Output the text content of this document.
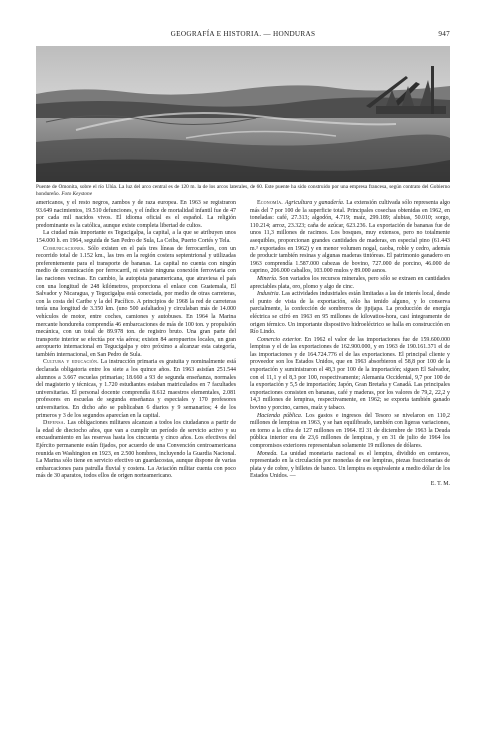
GEOGRAFÍA E HISTORIA. — HONDURAS	947
Puente de Omonita, sobre el río Ulúa. La luz del arco central es de 120 m. la de los arcos laterales, de 60. Este puente ha sido construido por una empresa francesa, según contrato del Gobierno hondureño. Foto Keystone

americanos, y el resto negros, zambos y de raza europea. En 1963 se registraron 93.649 nacimientos, 19.510 defunciones, y el índice de mortalidad infantil fue de 47 por cada mil nacidos vivos. El idioma oficial es el español. La religión predominante es la católica, aunque existe completa libertad de cultos.

La ciudad más importante es Tegucigalpa, la capital, a la que se atribuyen unos 154.000 h. en 1964, seguida de San Pedro de Sula, La Ceiba, Puerto Cortés y Tela.

Comunicaciones. Sólo existen en el país tres líneas de ferrocarriles, con un recorrido total de 1.152 km., las tres en la región costera septentrional y utilizadas preferentemente para el transporte de bananas. La capital no cuenta con ningún medio de comunicación por ferrocarril, ni existe ninguna conexión ferroviaria con las naciones vecinas. En cambio, la autopista panamericana, que atraviesa el país con una longitud de 248 kilómetros, proporciona el enlace con Guatemala, El Salvador y Nicaragua, y Tegucigalpa está conectada, por medio de otras carreteras, con la costa del Caribe y la del Pacífico. A principios de 1968 la red de carreteras tenía una longitud de 3.350 km. (uno 500 asfaltados) y circulaban más de 14.000 vehículos de motor, entre coches, camiones y autobuses. En 1964 la Marina mercante hondureña comprendía 46 embarcaciones de más de 100 ton. y propulsión mecánica, con un total de 89.978 ton. de registro bruto. Una gran parte del transporte interior se efectúa por vía aérea; existen 84 aeropuertos locales, un gran aeropuerto internacional en Tegucigalpa y otro próximo a alcanzar esta categoría, también internacional, en San Pedro de Sula.

Cultura y educación. La instrucción primaria es gratuita y nominalmente está declarada obligatoria entre los siete a los quince años. En 1963 asistían 251.544 alumnos a 3.667 escuelas primarias; 18.660 a 93 de segunda enseñanza, normales del magisterio y técnicas, y 1.720 estudiantes estaban matriculados en 7 facultades universitarias. El personal docente comprendía 8.612 maestros elementales, 2.081 profesores en escuelas de segunda enseñanza y especiales y 170 profesores universitarios. En dicho año se publicaban 6 diarios y 9 semanarios; 4 de los primeros y 3 de los segundos aparecían en la capital.

Defensa. Las obligaciones militares alcanzan a todos los ciudadanos a partir de la edad de dieciocho años, que van a cumplir un período de servicio activo y su encuadramiento en las reservas hasta los cincuenta y cinco años. Los efectivos del Ejército permanente están fijados, por acuerdo de una Convención centroamericana reunida en Washington en 1923, en 2.500 hombres, incluyendo la Guardia Nacional. La Marina sólo tiene en servicio efectivo un guardacostas, aunque dispone de varias embarcaciones para patrulla fluvial y costera. La Aviación militar cuenta con poco más de 30 aparatos, todos ellos de origen norteamericano.

Economía. Agricultura y ganadería. La extensión cultivada sólo representa algo más del 7 por 100 de la superficie total. Principales cosechas obtenidas en 1962, en toneladas: café, 27.313; algodón, 4.719; maíz, 299.189; alubias, 50.010; sorgo, 110.214; arroz, 23.323; caña de azúcar, 623.236. La exportación de bananas fue de unos 11,3 millones de racimos. Los bosques, muy extensos, pero no totalmente asequibles, proporcionan grandes cantidades de maderas, en especial pino (61.443 m.³ exportados en 1962) y en menor volumen nogal, caoba, roble y cedro, además de producir también resinas y algunas maderas tintóreas. El patrimonio ganadero en 1963 comprendía 1.587.000 cabezas de bovino, 727.000 de porcino, 46.000 de caprino, 206.000 caballos, 103.000 mulos y 89.000 asnos.

Minería. Son variados los recursos minerales, pero sólo se extraen en cantidades apreciables plata, oro, plomo y algo de cinc.

Industria. Las actividades industriales están limitadas a las de interés local, desde el punto de vista de la exportación, sólo ha tenido alguno, y lo conserva parcialmente, la confección de sombreros de jipijapa. La producción de energía eléctrica se cifró en 1963 en 95 millones de kilovatios-hora, casi íntegramente de origen térmico. Un importante dispositivo hidroeléctrico se halla en construcción en Río Lindo.

Comercio exterior. En 1962 el valor de las importaciones fue de 159.600.000 lempiras y el de las exportaciones de 162.900.000, y en 1963 de 190.161.371 el de las importaciones y de 164.724.776 el de las exportaciones. El principal cliente y proveedor son los Estados Unidos, que en 1963 absorbieron el 58,8 por 100 de la exportación y suministraron el 48,3 por 100 de la importación; siguen El Salvador, con el 11,1 y el 8,3 por 100, respectivamente; Alemania Occidental, 9,7 por 100 de la exportación y 5,5 de importación; Japón, Gran Bretaña y Canadá. Las principales exportaciones consisten en bananas, café y maderas, por los valores de 79,2, 22,2 y 14,3 millones de lempiras, respectivamente, en 1962; se exporta también ganado bovino y porcino, carnes, maíz y tabaco.

Hacienda pública. Los gastos e ingresos del Tesoro se nivelaron en 110,2 millones de lempiras en 1963, y se han equilibrado, también con ligeras variaciones, en torno a la cifra de 127 millones en 1964. El 31 de diciembre de 1963 la Deuda pública interior era de 23,6 millones de lempiras, y en 31 de julio de 1964 los compromisos exteriores representaban solamente 19 millones de dólares.

Moneda. La unidad monetaria nacional es el lempira, dividido en centavos, representado en la circulación por monedas de ese lempiras, piezas fraccionarias de plata y de cobre, y billetes de banco. Un lempira es equivalente a medio dólar de los Estados Unidos. —

E. T. M.
